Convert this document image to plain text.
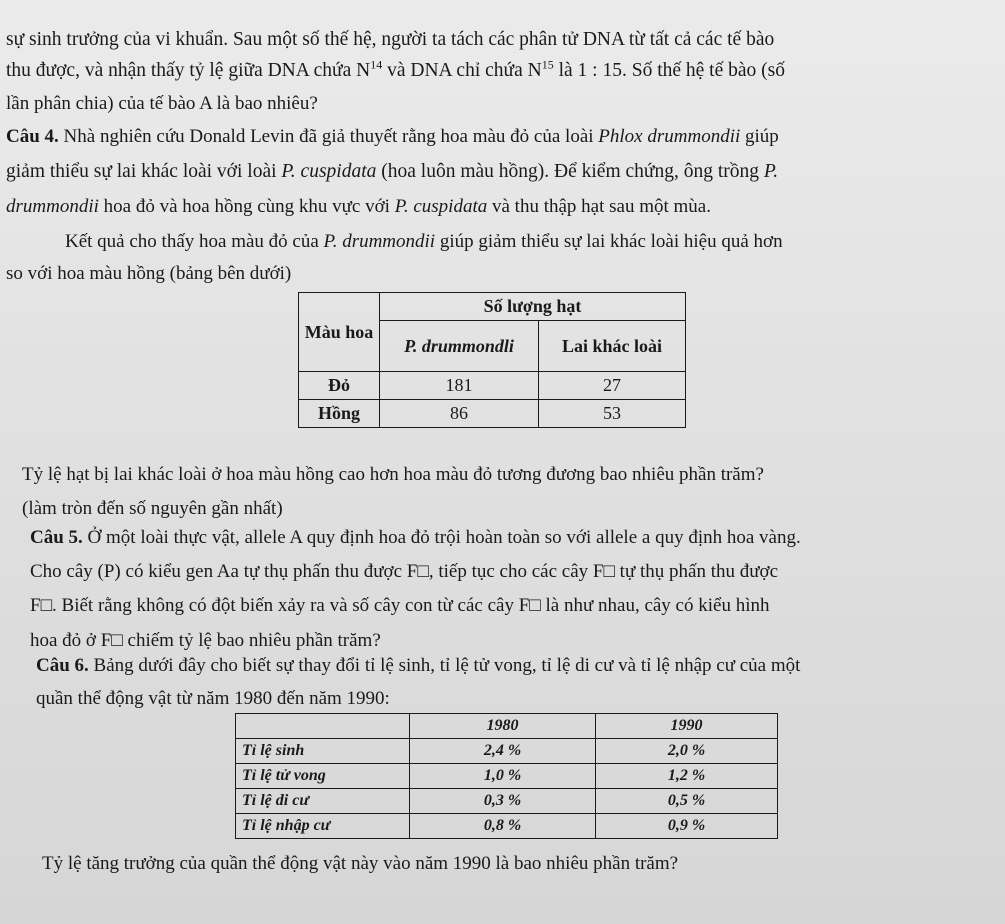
sự sinh trưởng của vi khuẩn. Sau một số thế hệ, người ta tách các phân tử DNA từ tất cả các tế bào
thu được, và nhận thấy tỷ lệ giữa DNA chứa $N^{14}$ và DNA chỉ chứa $N^{15}$ là 1 : 15. Số thế hệ tế bào (số
lần phân chia) của tế bào A là bao nhiêu?
Câu 4. Nhà nghiên cứu Donald Levin đã giả thuyết rằng hoa màu đỏ của loài Phlox drummondii giúp
giảm thiểu sự lai khác loài với loài P. cuspidata (hoa luôn màu hồng). Để kiểm chứng, ông trồng P.
drummondii hoa đỏ và hoa hồng cùng khu vực với P. cuspidata và thu thập hạt sau một mùa.
Kết quả cho thấy hoa màu đỏ của P. drummondii giúp giảm thiểu sự lai khác loài hiệu quả hơn
so với hoa màu hồng (bảng bên dưới)
Màu hoa	Số lượng hạt	
	P. drummondli	Lai khác loài
Đỏ	181	27
Hồng	86	53
Tỷ lệ hạt bị lai khác loài ở hoa màu hồng cao hơn hoa màu đỏ tương đương bao nhiêu phần trăm?
(làm tròn đến số nguyên gần nhất)
Câu 5. Ở một loài thực vật, allele A quy định hoa đỏ trội hoàn toàn so với allele a quy định hoa vàng.
Cho cây (P) có kiểu gen Aa tự thụ phấn thu được F□, tiếp tục cho các cây F□ tự thụ phấn thu được
F□. Biết rằng không có đột biến xảy ra và số cây con từ các cây F□ là như nhau, cây có kiểu hình
hoa đỏ ở F□ chiếm tỷ lệ bao nhiêu phần trăm?
Câu 6. Bảng dưới đây cho biết sự thay đổi tỉ lệ sinh, tỉ lệ tử vong, tỉ lệ di cư và tỉ lệ nhập cư của một
quần thể động vật từ năm 1980 đến năm 1990:
	1980	1990
Tỉ lệ sinh	2,4 %	2,0 %
Tỉ lệ tử vong	1,0 %	1,2 %
Tỉ lệ di cư	0,3 %	0,5 %
Tỉ lệ nhập cư	0,8 %	0,9 %
Tỷ lệ tăng trưởng của quần thể động vật này vào năm 1990 là bao nhiêu phần trăm?
